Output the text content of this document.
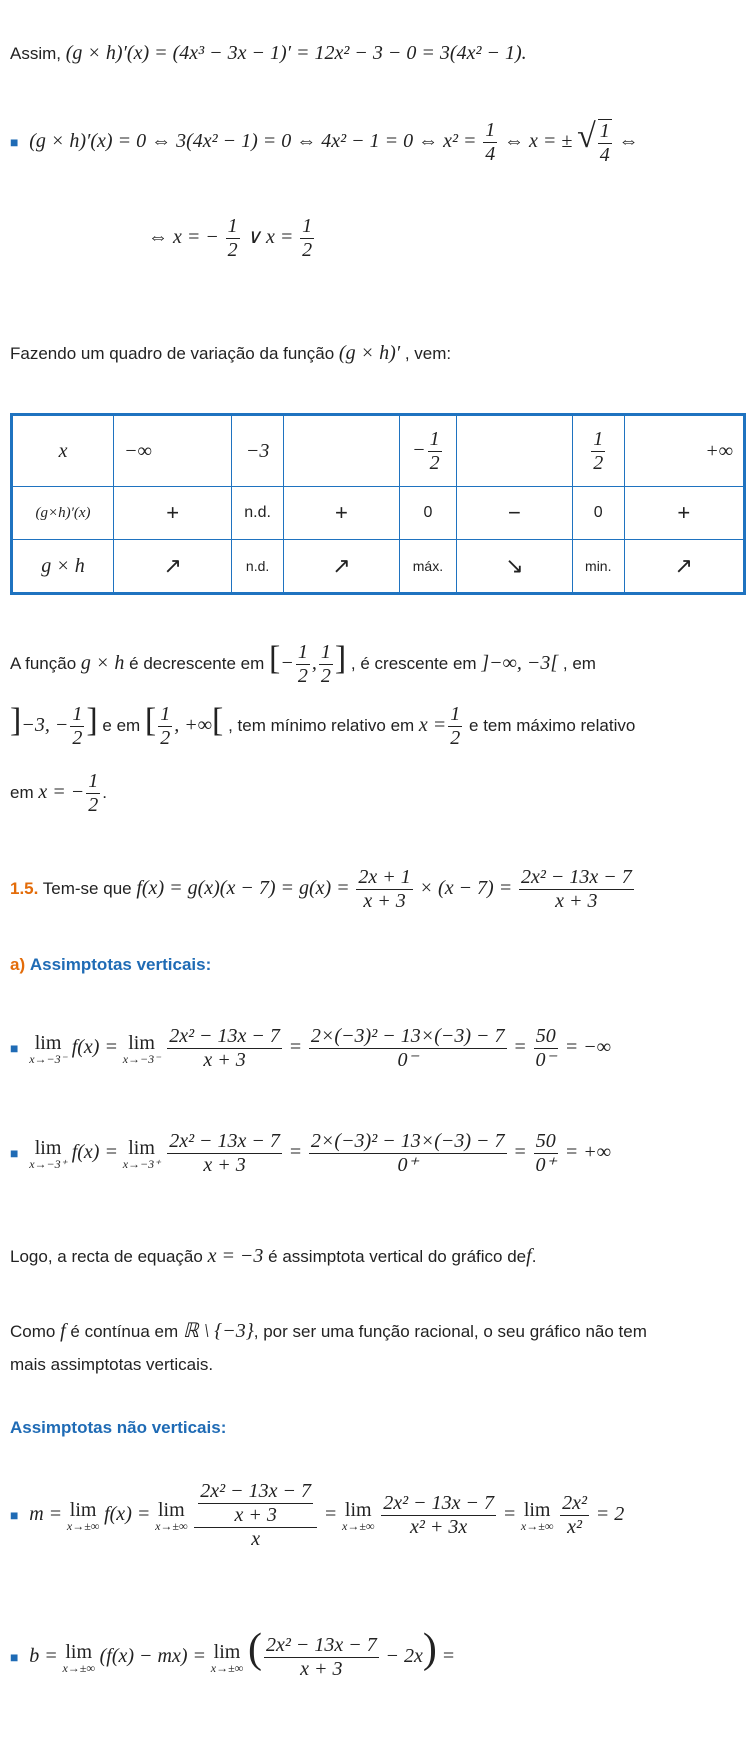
Assim, (g × h)′(x) = (4x³ − 3x − 1)′ = 12x² − 3 − 0 = 3(4x² − 1).
■ (g × h)′(x) = 0 ⇔ 3(4x² − 1) = 0 ⇔ 4x² − 1 = 0 ⇔ $x^2 = \frac{1}{4}$ ⇔ x = ± √ $\frac{1}{4}$ ⇔
⇔ x = − $\frac{1}{2}$ ∨ $x = \frac{1}{2}$
Fazendo um quadro de variação da função (g × h)′ , vem:
x	−∞	−3		− $\frac{1}{2}$		$\frac{1}{2}$	+∞
(g×h)′(x)	+	n.d.	+	0	−	0	+
g × h	↗	n.d.	↗	máx.	↘	min.	↗
A função g × h é decrescente em [− $\frac{1}{2}$ , $\frac{1}{2}$ ] , é crescente em ]−∞, −3[ , em
]−3, − $\frac{1}{2}$ ] e em [ $\frac{1}{2}$ , +∞[ , tem mínimo relativo em $x = \frac{1}{2}$ e tem máximo relativo
em x = − $\frac{1}{2}$ .
1.5. Tem-se que $f(x) = g(x)(x - 7) = g(x) = \frac{2x + 1}{x + 3} \times (x - 7) = \frac{\text{2x² − 13x − 7}}{x + 3}$
a) Assimptotas verticais:
■ lim
x→−3⁻
f(x) = lim
x→−3⁻
$\frac{\text{2x² − 13x − 7}}{x + 3} = \frac{\text{2×(−3)² − 13×(−3) − 7}}{0^-} = \frac{50}{0^-}$ = −∞
■ lim
x→−3⁺
f(x) = lim
x→−3⁺
$\frac{\text{2x² − 13x − 7}}{x + 3} = \frac{\text{2×(−3)² − 13×(−3) − 7}}{0^+} = \frac{50}{0^+}$ = +∞
Logo, a recta de equação x = −3 é assimptota vertical do gráfico def.
Como f é contínua em ℝ \ {−3}, por ser uma função racional, o seu gráfico não tem
mais assimptotas verticais.
Assimptotas não verticais:
■ m = lim
x→±∞
f(x) = lim
x→±∞
$\frac{\frac{\text{2x² − 13x − 7}}{x + 3}}{x} = \lim$
x→±∞
$\frac{\text{2x² − 13x − 7}}{\text{x² + 3x}} = \lim$
x→±∞
$\frac{\text{2x²}}{\text{x²}} = 2$
■ b = lim
x→±∞
(f(x) − mx) = lim
x→±∞ ( $\frac{\text{2x² − 13x − 7}}{x + 3} - 2x$) =
